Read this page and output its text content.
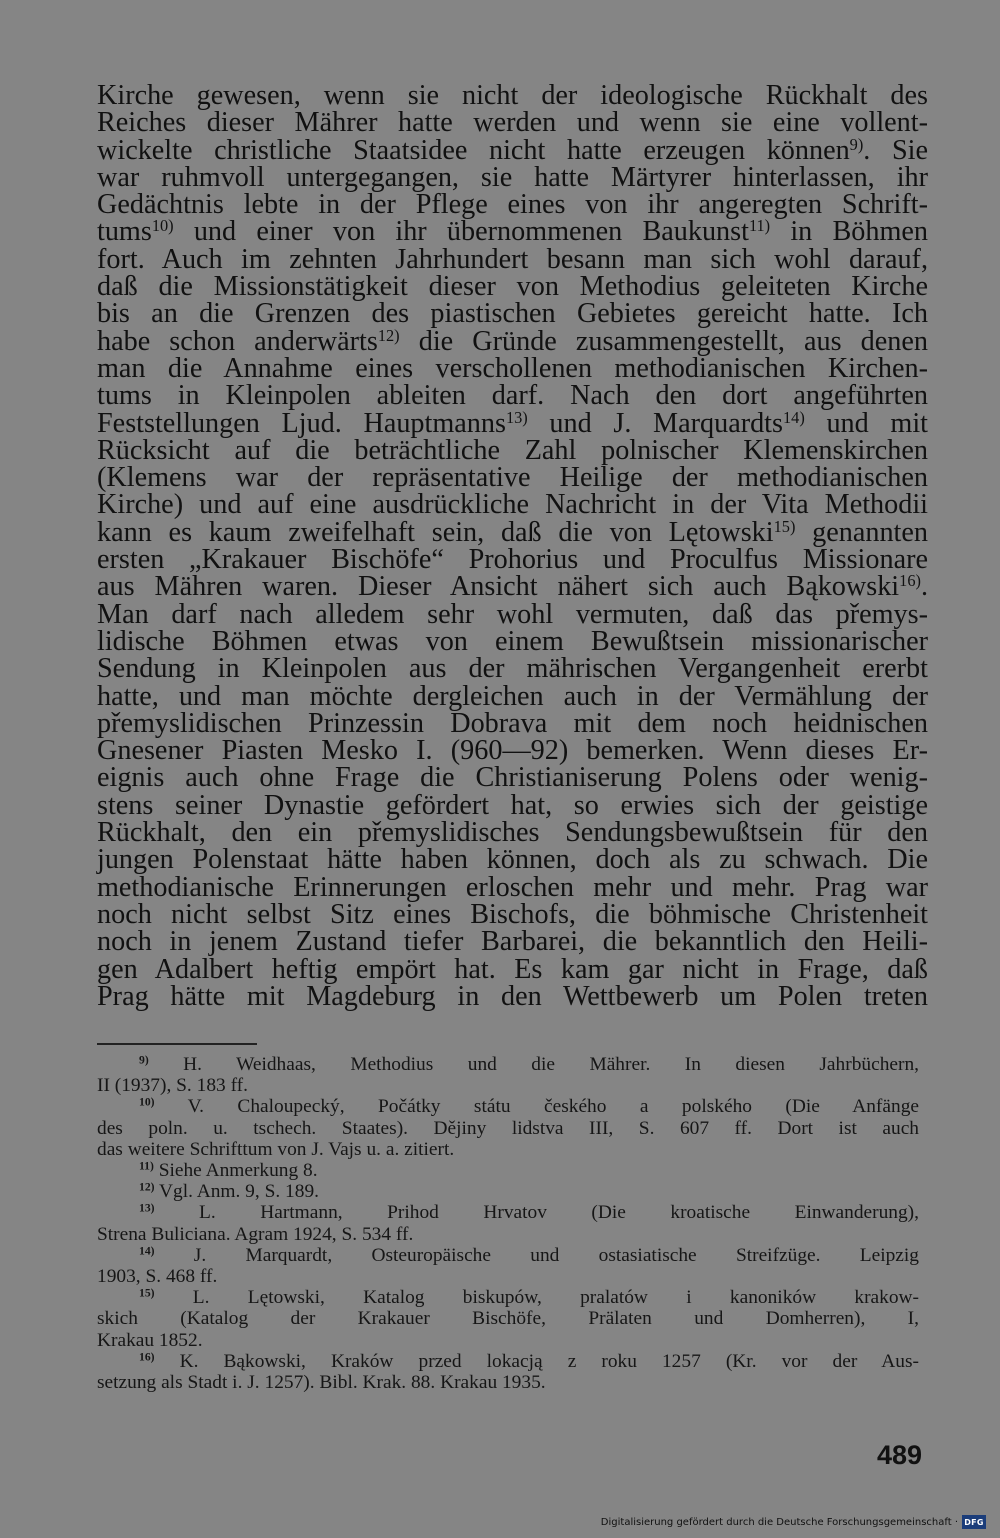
Kirche gewesen, wenn sie nicht der ideologische Rückhalt des
Reiches dieser Mährer hatte werden und wenn sie eine vollent-
wickelte christliche Staatsidee nicht hatte erzeugen können$^{9)}$. Sie
war ruhmvoll untergegangen, sie hatte Märtyrer hinterlassen, ihr
Gedächtnis lebte in der Pflege eines von ihr angeregten Schrift-
tums$^{10)}$ und einer von ihr übernommenen Baukunst$^{11)}$ in Böhmen
fort. Auch im zehnten Jahrhundert besann man sich wohl darauf,
daß die Missionstätigkeit dieser von Methodius geleiteten Kirche
bis an die Grenzen des piastischen Gebietes gereicht hatte. Ich
habe schon anderwärts$^{12)}$ die Gründe zusammengestellt, aus denen
man die Annahme eines verschollenen methodianischen Kirchen-
tums in Kleinpolen ableiten darf. Nach den dort angeführten
Feststellungen Ljud. Hauptmanns$^{13)}$ und J. Marquardts$^{14)}$ und mit
Rücksicht auf die beträchtliche Zahl polnischer Klemenskirchen
(Klemens war der repräsentative Heilige der methodianischen
Kirche) und auf eine ausdrückliche Nachricht in der Vita Methodii
kann es kaum zweifelhaft sein, daß die von Lętowski$^{15)}$ genannten
ersten „Krakauer Bischöfe“ Prohorius und Proculfus Missionare
aus Mähren waren. Dieser Ansicht nähert sich auch Bąkowski$^{16)}$.
Man darf nach alledem sehr wohl vermuten, daß das přemys-
lidische Böhmen etwas von einem Bewußtsein missionarischer
Sendung in Kleinpolen aus der mährischen Vergangenheit ererbt
hatte, und man möchte dergleichen auch in der Vermählung der
přemyslidischen Prinzessin Dobrava mit dem noch heidnischen
Gnesener Piasten Mesko I. (960—92) bemerken. Wenn dieses Er-
eignis auch ohne Frage die Christianiserung Polens oder wenig-
stens seiner Dynastie gefördert hat, so erwies sich der geistige
Rückhalt, den ein přemyslidisches Sendungsbewußtsein für den
jungen Polenstaat hätte haben können, doch als zu schwach. Die
methodianische Erinnerungen erloschen mehr und mehr. Prag war
noch nicht selbst Sitz eines Bischofs, die böhmische Christenheit
noch in jenem Zustand tiefer Barbarei, die bekanntlich den Heili-
gen Adalbert heftig empört hat. Es kam gar nicht in Frage, daß
Prag hätte mit Magdeburg in den Wettbewerb um Polen treten
$^{9)}$ H. Weidhaas, Methodius und die Mährer. In diesen Jahrbüchern,
II (1937), S. 183 ff.
$^{10)}$ V. Chaloupecký, Počátky státu českého a polského (Die Anfänge
des poln. u. tschech. Staates). Dějiny lidstva III, S. 607 ff. Dort ist auch
das weitere Schrifttum von J. Vajs u. a. zitiert.
$^{11)}$ Siehe Anmerkung 8.
$^{12)}$ Vgl. Anm. 9, S. 189.
$^{13)}$ L. Hartmann, Prihod Hrvatov (Die kroatische Einwanderung),
Strena Buliciana. Agram 1924, S. 534 ff.
$^{14)}$ J. Marquardt, Osteuropäische und ostasiatische Streifzüge. Leipzig
1903, S. 468 ff.
$^{15)}$ L. Lętowski, Katalog biskupów, pralatów i kanoników krakow-
skich (Katalog der Krakauer Bischöfe, Prälaten und Domherren), I,
Krakau 1852.
$^{16)}$ K. Bąkowski, Kraków przed lokacją z roku 1257 (Kr. vor der Aus-
setzung als Stadt i. J. 1257). Bibl. Krak. 88. Krakau 1935.
489
Digitalisierung gefördert durch die Deutsche Forschungsgemeinschaft · DFG
